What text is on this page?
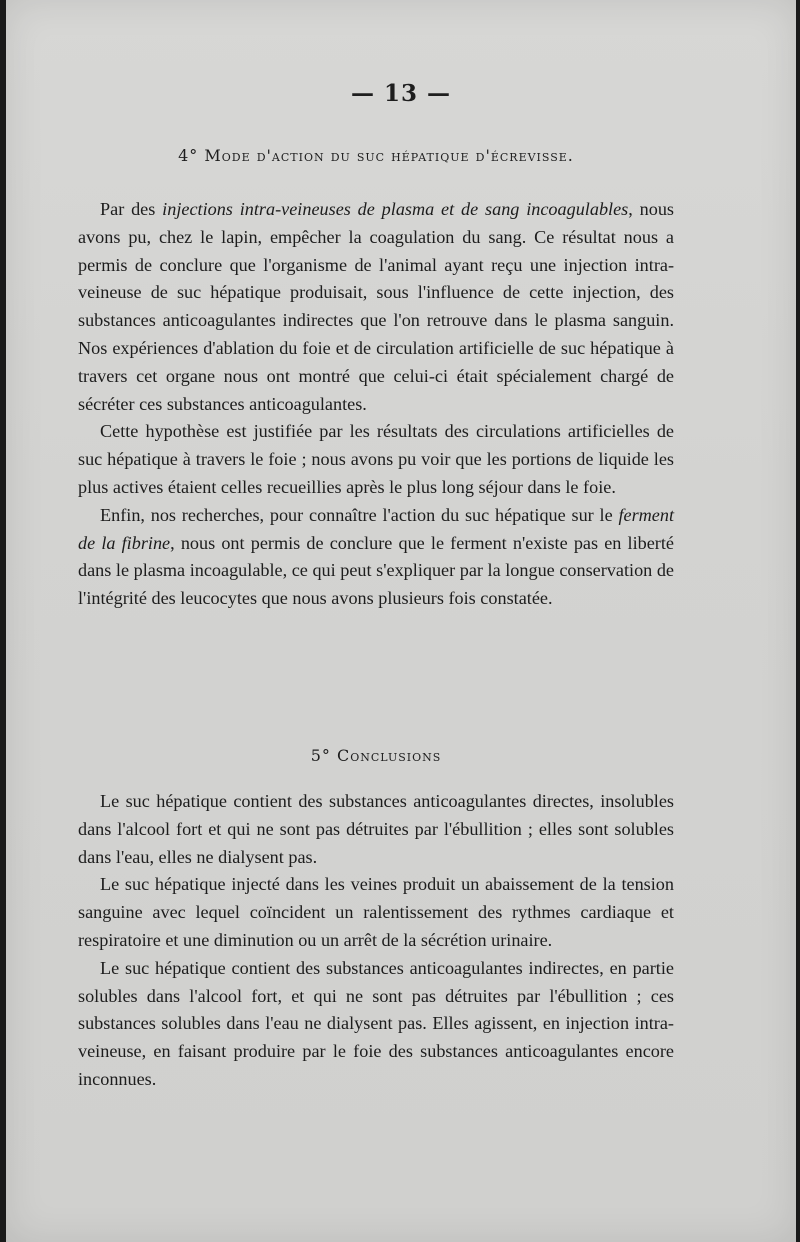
— 13 —
4° Mode d'action du suc hépatique d'écrevisse.

Par des injections intra-veineuses de plasma et de sang incoagulables, nous avons pu, chez le lapin, empêcher la coagulation du sang. Ce résultat nous a permis de conclure que l'organisme de l'animal ayant reçu une injection intra-veineuse de suc hépatique produisait, sous l'influence de cette injection, des substances anticoagulantes indirectes que l'on retrouve dans le plasma sanguin. Nos expériences d'ablation du foie et de circulation artificielle de suc hépatique à travers cet organe nous ont montré que celui-ci était spécialement chargé de sécréter ces substances anticoagulantes.

Cette hypothèse est justifiée par les résultats des circulations artificielles de suc hépatique à travers le foie ; nous avons pu voir que les portions de liquide les plus actives étaient celles recueillies après le plus long séjour dans le foie.

Enfin, nos recherches, pour connaître l'action du suc hépatique sur le ferment de la fibrine, nous ont permis de conclure que le ferment n'existe pas en liberté dans le plasma incoagulable, ce qui peut s'expliquer par la longue conservation de l'intégrité des leucocytes que nous avons plusieurs fois constatée.

5° Conclusions

Le suc hépatique contient des substances anticoagulantes directes, insolubles dans l'alcool fort et qui ne sont pas détruites par l'ébullition ; elles sont solubles dans l'eau, elles ne dialysent pas.

Le suc hépatique injecté dans les veines produit un abaissement de la tension sanguine avec lequel coïncident un ralentissement des rythmes cardiaque et respiratoire et une diminution ou un arrêt de la sécrétion urinaire.

Le suc hépatique contient des substances anticoagulantes indirectes, en partie solubles dans l'alcool fort, et qui ne sont pas détruites par l'ébullition ; ces substances solubles dans l'eau ne dialysent pas. Elles agissent, en injection intra-veineuse, en faisant produire par le foie des substances anticoagulantes encore inconnues.
